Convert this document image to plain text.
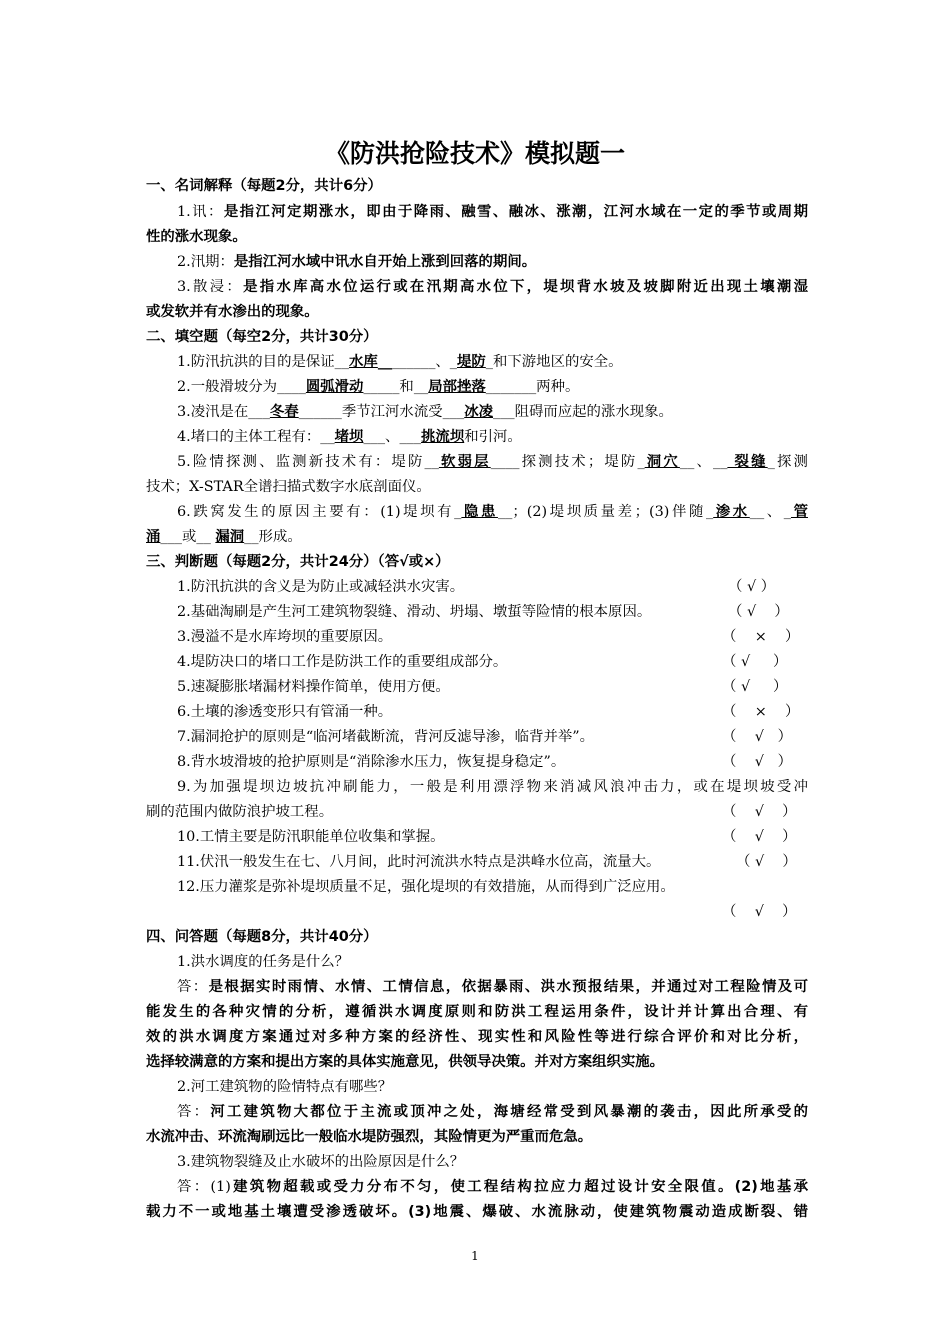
《防洪抢险技术》模拟题一
一、名词解释（每题2分，共计6分）
1.讯：是指江河定期涨水，即由于降雨、融雪、融冰、涨潮，江河水域在一定的季节或周期
性的涨水现象。
2.汛期：是指江河水域中讯水自开始上涨到回落的期间。
3.散浸：是指水库高水位运行或在汛期高水位下，堤坝背水坡及坡脚附近出现土壤潮湿
或发软并有水渗出的现象。
二、填空题（每空2分，共计30分）
1.防汛抗洪的目的是保证__水库________、_堤防_和下游地区的安全。
2.一般滑坡分为____圆弧滑动_____和__局部挫落_______两种。
3.凌汛是在___冬春______季节江河水流受___冰凌___阻碍而应起的涨水现象。
4.堵口的主体工程有：__堵坝___、___挑流坝和引河。
5.险情探测、监测新技术有：堤防__软弱层____探测技术；堤防_洞穴__、__ 裂缝_探测
技术；X-STAR全谱扫描式数字水底剖面仪。
6.跌窝发生的原因主要有：(1)堤坝有_隐患__；(2)堤坝质量差；(3)伴随_渗水__、_管
涌___或__ 漏洞__形成。
三、判断题（每题2分，共计24分）（答√或×）
1.防汛抗洪的含义是为防止或减轻洪水灾害。	（ √ ）
2.基础淘刷是产生河工建筑物裂缝、滑动、坍塌、墩蜇等险情的根本原因。	（ √    ）
3.漫溢不是水库垮坝的重要原因。	（    ×    ）
4.堤防决口的堵口工作是防洪工作的重要组成部分。	（ √     ）
5.速凝膨胀堵漏材料操作简单，使用方便。	（ √     ）
6.土壤的渗透变形只有管涌一种。	（    ×    ）
7.漏洞抢护的原则是“临河堵截断流，背河反滤导渗，临背并举”。	（    √   ）
8.背水坡滑坡的抢护原则是“消除渗水压力，恢复提身稳定”。	（    √   ）
9.为加强堤坝边坡抗冲刷能力，一般是利用漂浮物来消减风浪冲击力，或在堤坝坡受冲
刷的范围内做防浪护坡工程。	（    √    ）
10.工情主要是防汛职能单位收集和掌握。	（    √    ）
11.伏汛一般发生在七、八月间，此时河流洪水特点是洪峰水位高，流量大。	（ √    ）
12.压力灌浆是弥补堤坝质量不足，强化堤坝的有效措施，从而得到广泛应用。
（    √    ）
四、问答题（每题8分，共计40分）
1.洪水调度的任务是什么？
答：是根据实时雨情、水情、工情信息，依据暴雨、洪水预报结果，并通过对工程险情及可
能发生的各种灾情的分析，遵循洪水调度原则和防洪工程运用条件，设计并计算出合理、有
效的洪水调度方案通过对多种方案的经济性、现实性和风险性等进行综合评价和对比分析，
选择较满意的方案和提出方案的具体实施意见，供领导决策。并对方案组织实施。
2.河工建筑物的险情特点有哪些？
答：河工建筑物大都位于主流或顶冲之处，海塘经常受到风暴潮的袭击，因此所承受的
水流冲击、环流淘刷远比一般临水堤防强烈，其险情更为严重而危急。
3.建筑物裂缝及止水破坏的出险原因是什么？
答：(1)建筑物超载或受力分布不匀，使工程结构拉应力超过设计安全限值。(2)地基承
载力不一或地基土壤遭受渗透破坏。(3)地震、爆破、水流脉动，使建筑物震动造成断裂、错
1
